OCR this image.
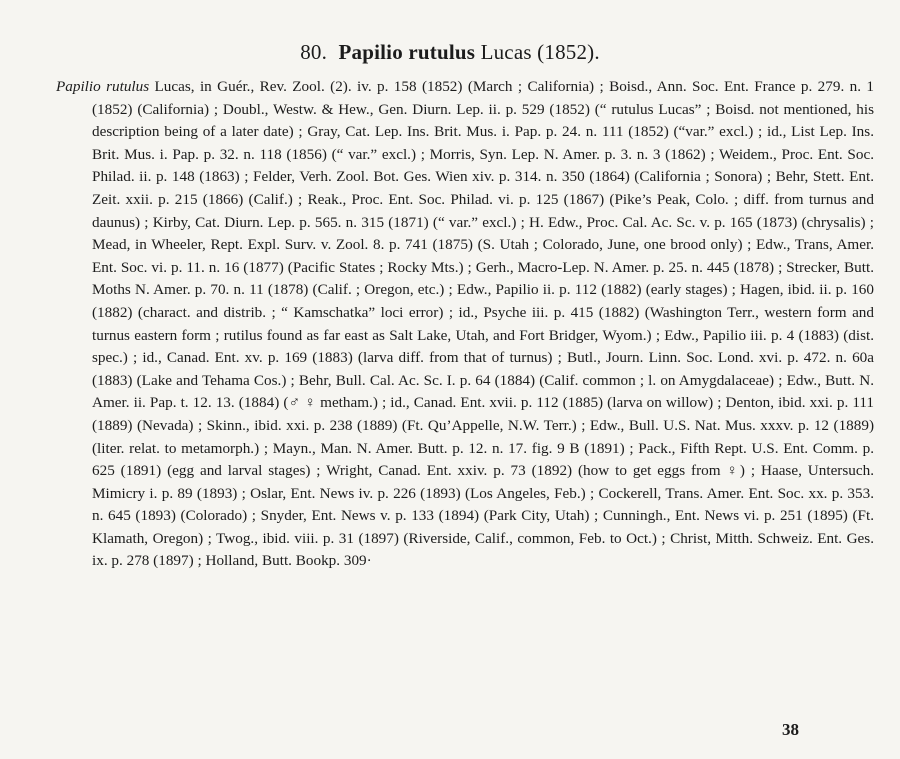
80. Papilio rutulus Lucas (1852).

Papilio rutulus Lucas, in Guér., Rev. Zool. (2). iv. p. 158 (1852) (March ; California) ; Boisd., Ann. Soc. Ent. France p. 279. n. 1 (1852) (California) ; Doubl., Westw. & Hew., Gen. Diurn. Lep. ii. p. 529 (1852) (“ rutulus Lucas” ; Boisd. not mentioned, his description being of a later date) ; Gray, Cat. Lep. Ins. Brit. Mus. i. Pap. p. 24. n. 111 (1852) (“var.” excl.) ; id., List Lep. Ins. Brit. Mus. i. Pap. p. 32. n. 118 (1856) (“ var.” excl.) ; Morris, Syn. Lep. N. Amer. p. 3. n. 3 (1862) ; Weidem., Proc. Ent. Soc. Philad. ii. p. 148 (1863) ; Felder, Verh. Zool. Bot. Ges. Wien xiv. p. 314. n. 350 (1864) (California ; Sonora) ; Behr, Stett. Ent. Zeit. xxii. p. 215 (1866) (Calif.) ; Reak., Proc. Ent. Soc. Philad. vi. p. 125 (1867) (Pike’s Peak, Colo. ; diff. from turnus and daunus) ; Kirby, Cat. Diurn. Lep. p. 565. n. 315 (1871) (“ var.” excl.) ; H. Edw., Proc. Cal. Ac. Sc. v. p. 165 (1873) (chrysalis) ; Mead, in Wheeler, Rept. Expl. Surv. v. Zool. 8. p. 741 (1875) (S. Utah ; Colorado, June, one brood only) ; Edw., Trans, Amer. Ent. Soc. vi. p. 11. n. 16 (1877) (Pacific States ; Rocky Mts.) ; Gerh., Macro-Lep. N. Amer. p. 25. n. 445 (1878) ; Strecker, Butt. Moths N. Amer. p. 70. n. 11 (1878) (Calif. ; Oregon, etc.) ; Edw., Papilio ii. p. 112 (1882) (early stages) ; Hagen, ibid. ii. p. 160 (1882) (charact. and distrib. ; “ Kamschatka” loci error) ; id., Psyche iii. p. 415 (1882) (Washington Terr., western form and turnus eastern form ; rutilus found as far east as Salt Lake, Utah, and Fort Bridger, Wyom.) ; Edw., Papilio iii. p. 4 (1883) (dist. spec.) ; id., Canad. Ent. xv. p. 169 (1883) (larva diff. from that of turnus) ; Butl., Journ. Linn. Soc. Lond. xvi. p. 472. n. 60a (1883) (Lake and Tehama Cos.) ; Behr, Bull. Cal. Ac. Sc. I. p. 64 (1884) (Calif. common ; l. on Amygdalaceae) ; Edw., Butt. N. Amer. ii. Pap. t. 12. 13. (1884) (♂ ♀ metham.) ; id., Canad. Ent. xvii. p. 112 (1885) (larva on willow) ; Denton, ibid. xxi. p. 111 (1889) (Nevada) ; Skinn., ibid. xxi. p. 238 (1889) (Ft. Qu’Appelle, N.W. Terr.) ; Edw., Bull. U.S. Nat. Mus. xxxv. p. 12 (1889) (liter. relat. to metamorph.) ; Mayn., Man. N. Amer. Butt. p. 12. n. 17. fig. 9 B (1891) ; Pack., Fifth Rept. U.S. Ent. Comm. p. 625 (1891) (egg and larval stages) ; Wright, Canad. Ent. xxiv. p. 73 (1892) (how to get eggs from ♀) ; Haase, Untersuch. Mimicry i. p. 89 (1893) ; Oslar, Ent. News iv. p. 226 (1893) (Los Angeles, Feb.) ; Cockerell, Trans. Amer. Ent. Soc. xx. p. 353. n. 645 (1893) (Colorado) ; Snyder, Ent. News v. p. 133 (1894) (Park City, Utah) ; Cunningh., Ent. News vi. p. 251 (1895) (Ft. Klamath, Oregon) ; Twog., ibid. viii. p. 31 (1897) (Riverside, Calif., common, Feb. to Oct.) ; Christ, Mitth. Schweiz. Ent. Ges. ix. p. 278 (1897) ; Holland, Butt. Bookp. 309·

38
